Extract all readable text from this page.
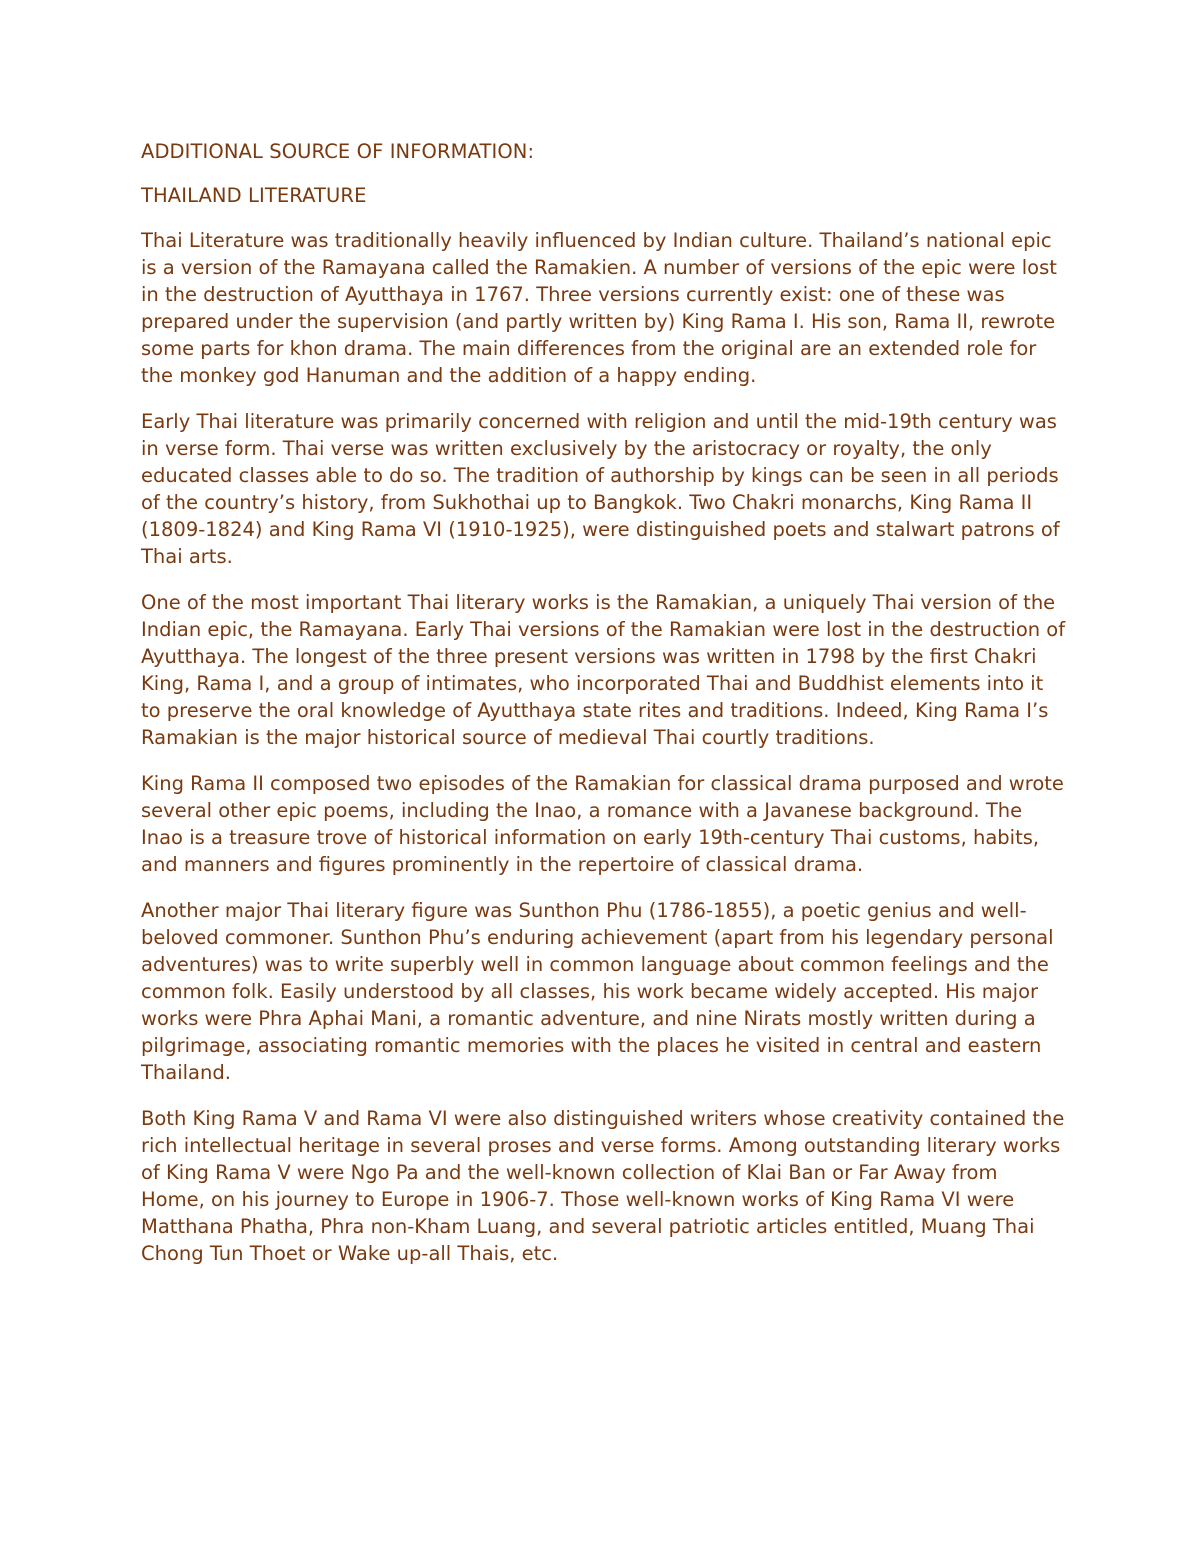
ADDITIONAL SOURCE OF INFORMATION:
THAILAND LITERATURE

Thai Literature was traditionally heavily influenced by Indian culture. Thailand’s national epic is a version of the Ramayana called the Ramakien. A number of versions of the epic were lost in the destruction of Ayutthaya in 1767. Three versions currently exist: one of these was prepared under the supervision (and partly written by) King Rama I. His son, Rama II, rewrote some parts for khon drama. The main differences from the original are an extended role for the monkey god Hanuman and the addition of a happy ending.

Early Thai literature was primarily concerned with religion and until the mid-19th century was in verse form. Thai verse was written exclusively by the aristocracy or royalty, the only educated classes able to do so. The tradition of authorship by kings can be seen in all periods of the country’s history, from Sukhothai up to Bangkok. Two Chakri monarchs, King Rama II (1809-1824) and King Rama VI (1910-1925), were distinguished poets and stalwart patrons of Thai arts.

One of the most important Thai literary works is the Ramakian, a uniquely Thai version of the Indian epic, the Ramayana. Early Thai versions of the Ramakian were lost in the destruction of Ayutthaya. The longest of the three present versions was written in 1798 by the first Chakri King, Rama I, and a group of intimates, who incorporated Thai and Buddhist elements into it to preserve the oral knowledge of Ayutthaya state rites and traditions. Indeed, King Rama I’s Ramakian is the major historical source of medieval Thai courtly traditions.

King Rama II composed two episodes of the Ramakian for classical drama purposed and wrote several other epic poems, including the Inao, a romance with a Javanese background. The Inao is a treasure trove of historical information on early 19th-century Thai customs, habits, and manners and figures prominently in the repertoire of classical drama.

Another major Thai literary figure was Sunthon Phu (1786-1855), a poetic genius and well-beloved commoner. Sunthon Phu’s enduring achievement (apart from his legendary personal adventures) was to write superbly well in common language about common feelings and the common folk. Easily understood by all classes, his work became widely accepted. His major works were Phra Aphai Mani, a romantic adventure, and nine Nirats mostly written during a pilgrimage, associating romantic memories with the places he visited in central and eastern Thailand.

Both King Rama V and Rama VI were also distinguished writers whose creativity contained the rich intellectual heritage in several proses and verse forms. Among outstanding literary works of King Rama V were Ngo Pa and the well-known collection of Klai Ban or Far Away from Home, on his journey to Europe in 1906-7. Those well-known works of King Rama VI were Matthana Phatha, Phra non-Kham Luang, and several patriotic articles entitled, Muang Thai Chong Tun Thoet or Wake up-all Thais, etc.
